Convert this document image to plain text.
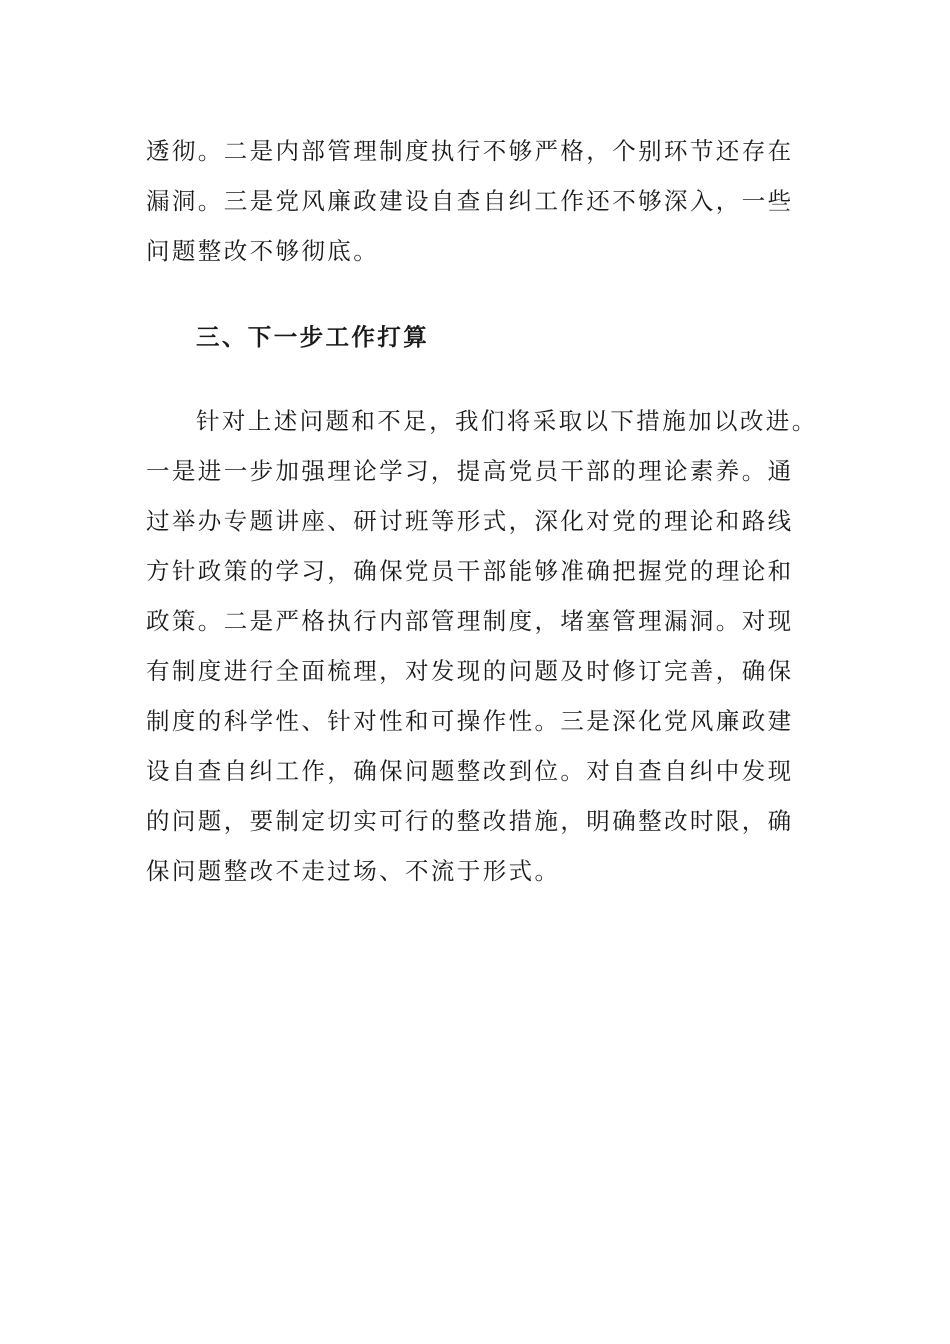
透彻。二是内部管理制度执行不够严格，个别环节还存在
漏洞。三是党风廉政建设自查自纠工作还不够深入，一些
问题整改不够彻底。
三、下一步工作打算
针对上述问题和不足，我们将采取以下措施加以改进。
一是进一步加强理论学习，提高党员干部的理论素养。通
过举办专题讲座、研讨班等形式，深化对党的理论和路线
方针政策的学习，确保党员干部能够准确把握党的理论和
政策。二是严格执行内部管理制度，堵塞管理漏洞。对现
有制度进行全面梳理，对发现的问题及时修订完善，确保
制度的科学性、针对性和可操作性。三是深化党风廉政建
设自查自纠工作，确保问题整改到位。对自查自纠中发现
的问题，要制定切实可行的整改措施，明确整改时限，确
保问题整改不走过场、不流于形式。
